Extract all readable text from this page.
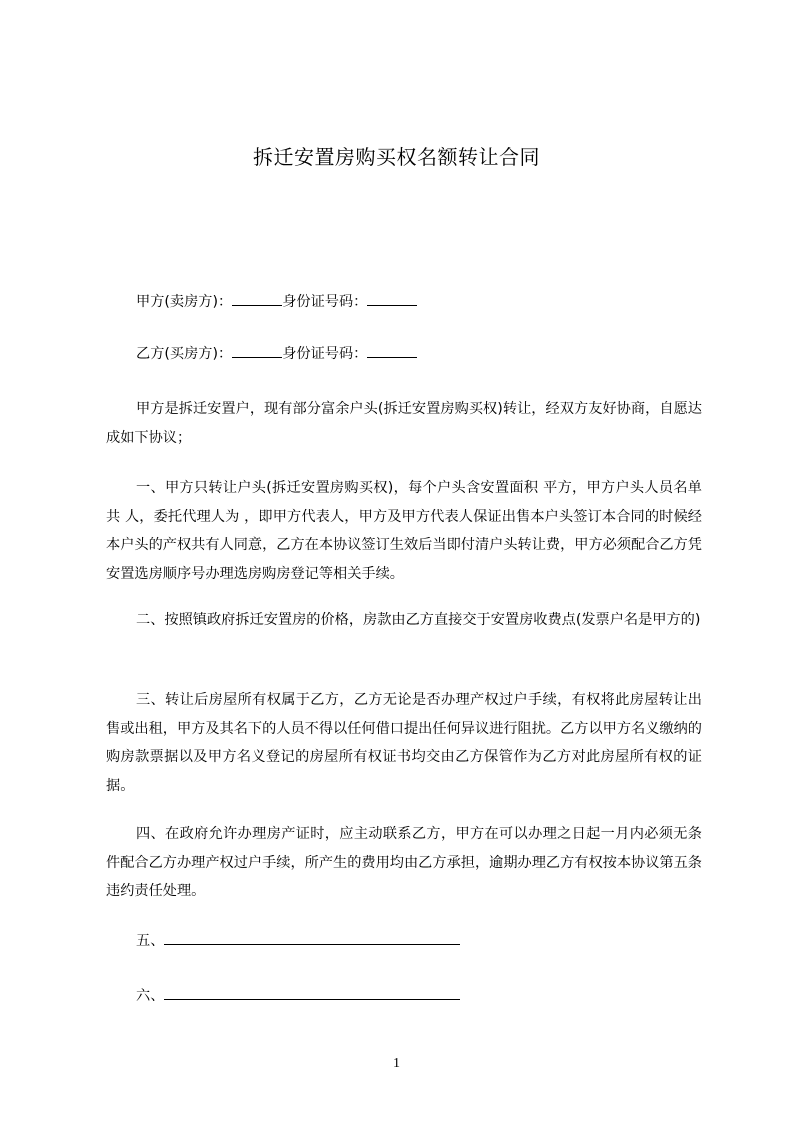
拆迁安置房购买权名额转让合同
甲方(卖房方)：	身份证号码：
乙方(买房方)：	身份证号码：
甲方是拆迁安置户，现有部分富余户头(拆迁安置房购买权)转让，经双方友好协商，自愿达成如下协议；
一、甲方只转让户头(拆迁安置房购买权)，每个户头含安置面积 平方，甲方户头人员名单 共 人，委托代理人为 ，即甲方代表人，甲方及甲方代表人保证出售本户头签订本合同的时候经本户头的产权共有人同意，乙方在本协议签订生效后当即付清户头转让费，甲方必须配合乙方凭安置选房顺序号办理选房购房登记等相关手续。
二、按照镇政府拆迁安置房的价格，房款由乙方直接交于安置房收费点(发票户名是甲方的)
三、转让后房屋所有权属于乙方，乙方无论是否办理产权过户手续，有权将此房屋转让出售或出租，甲方及其名下的人员不得以任何借口提出任何异议进行阻扰。乙方以甲方名义缴纳的购房款票据以及甲方名义登记的房屋所有权证书均交由乙方保管作为乙方对此房屋所有权的证据。
四、在政府允许办理房产证时，应主动联系乙方，甲方在可以办理之日起一月内必须无条件配合乙方办理产权过户手续，所产生的费用均由乙方承担，逾期办理乙方有权按本协议第五条违约责任处理。
五、
六、
1
